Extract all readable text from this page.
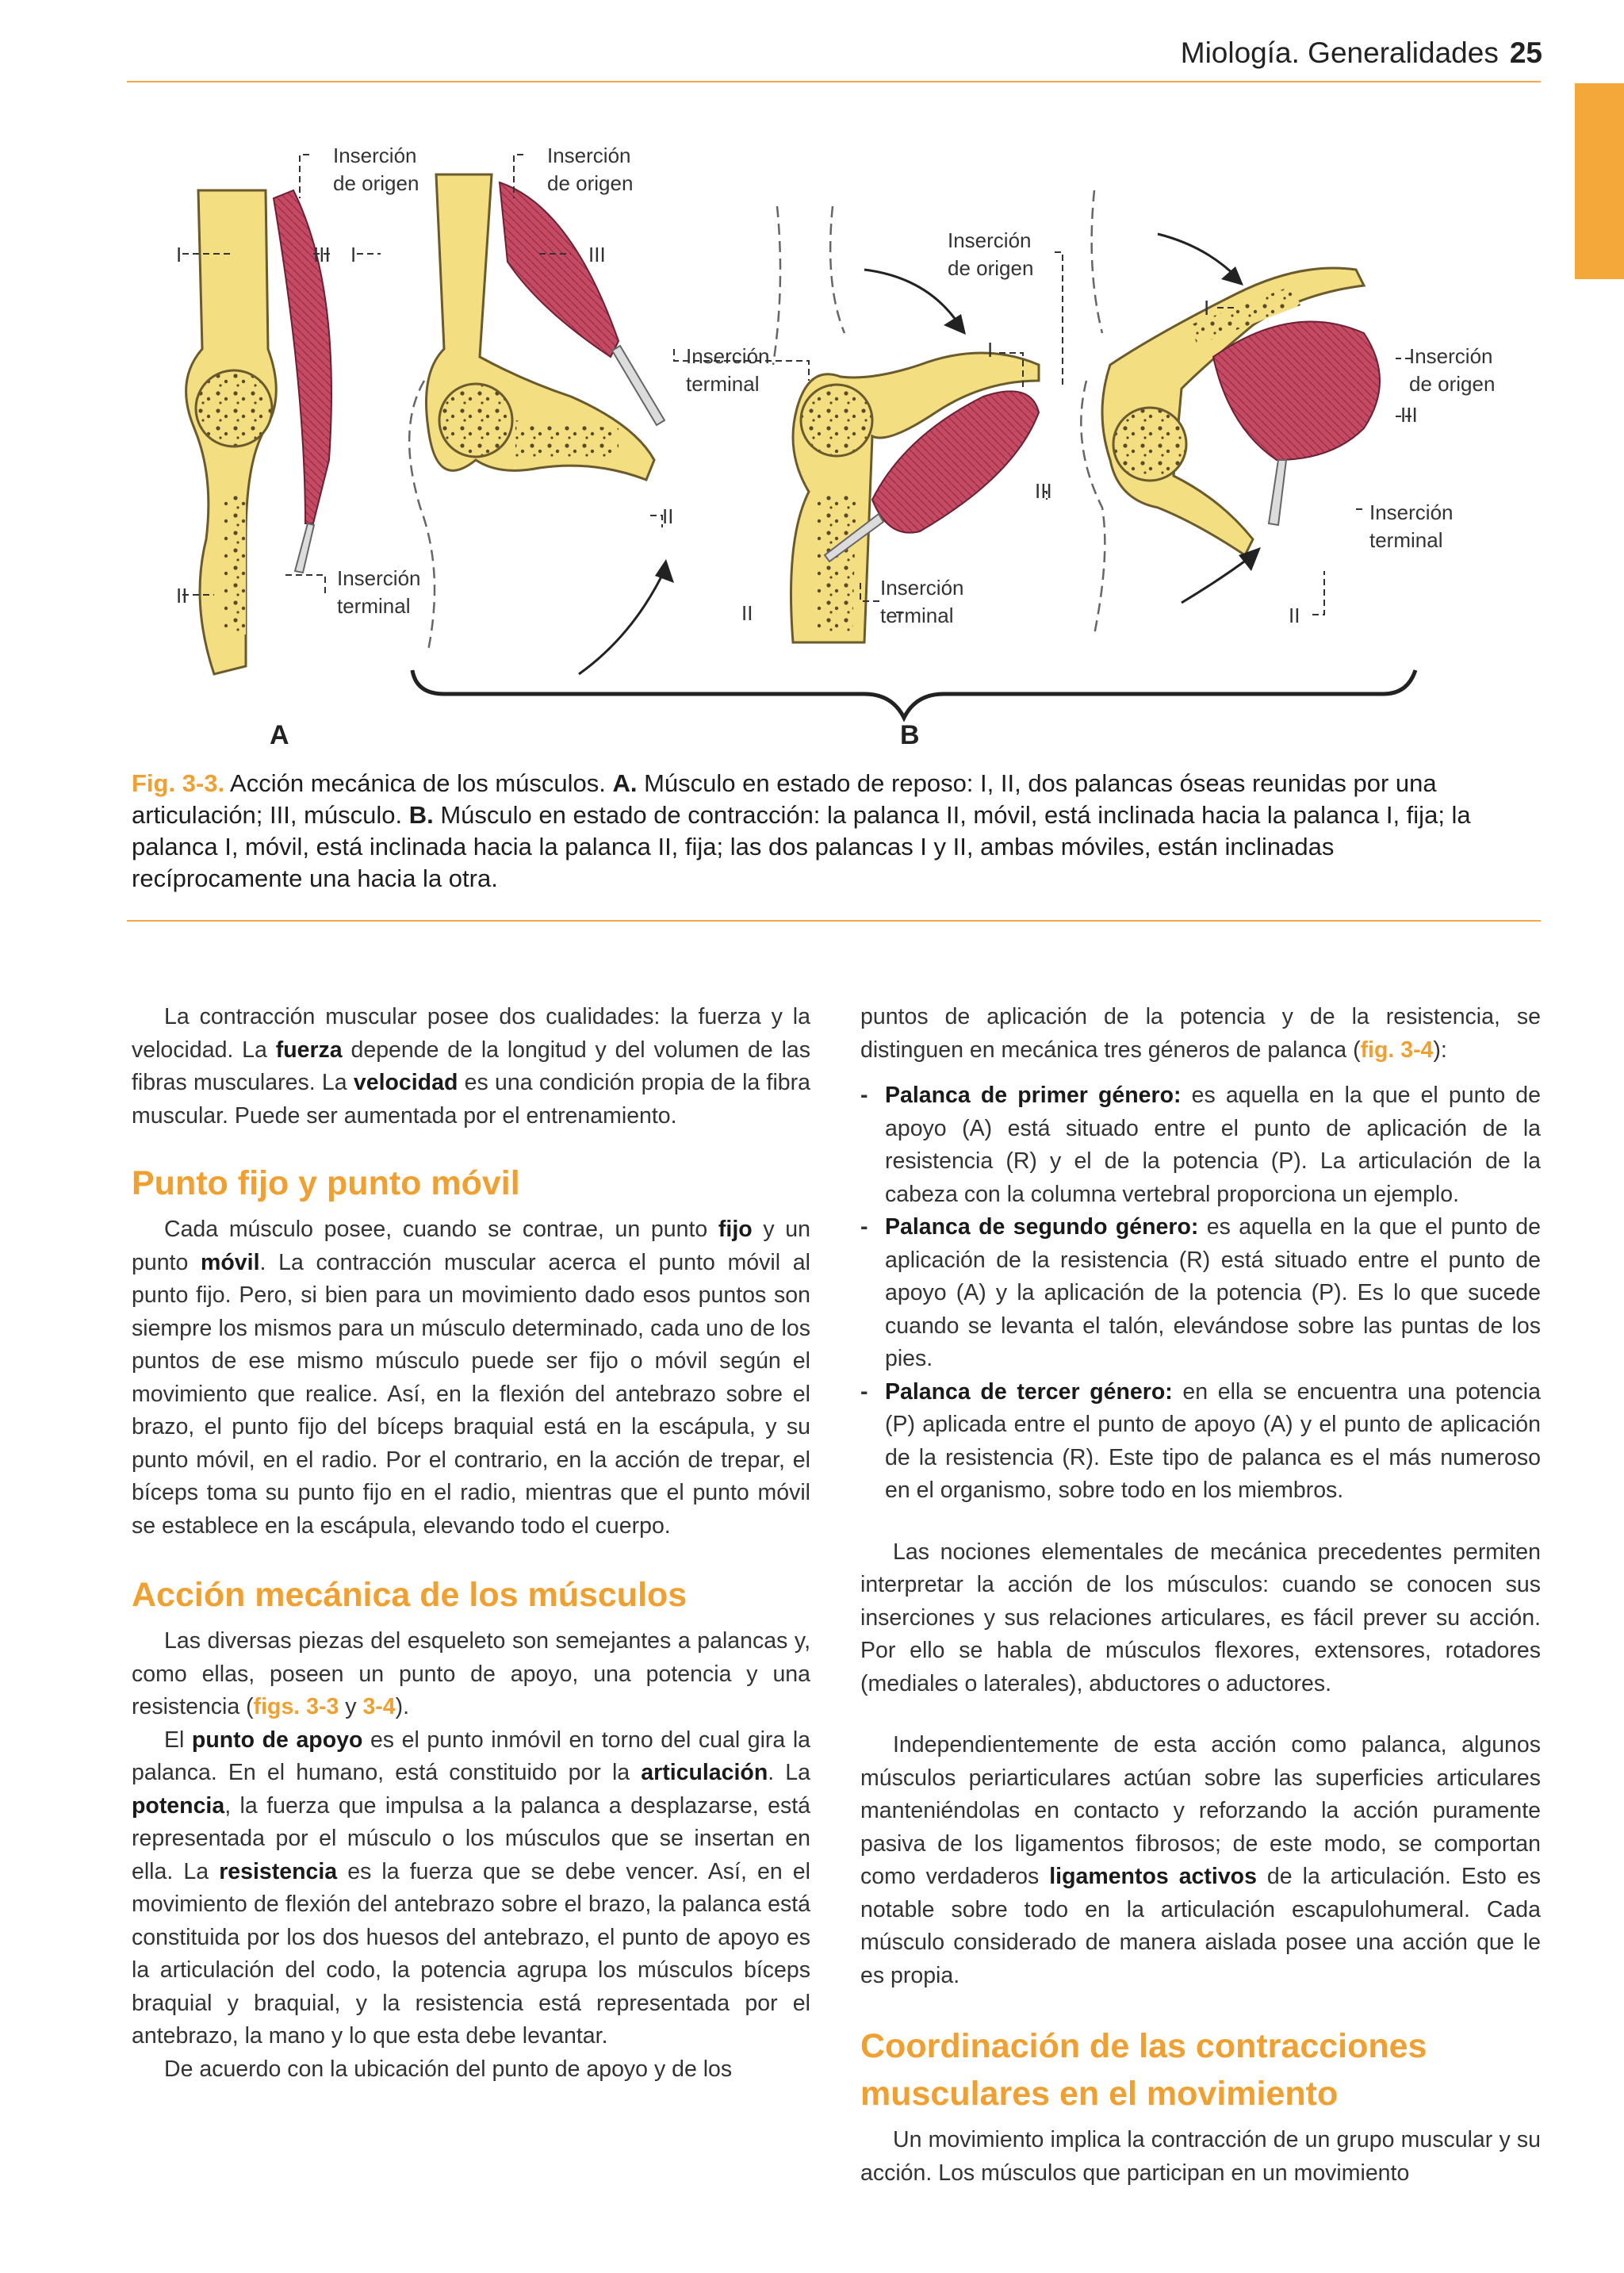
Miología. Generalidades 25
Inserción
de origen
Inserción
de origen
Inserción
de origen
Inserción
de origen
Inserción
terminal
Inserción
terminal
Inserción
terminal
Inserción
terminal
I	I
I
I
II
II
II	II
III	III
III
III
A	B
Fig. 3-3. Acción mecánica de los músculos. A. Músculo en estado de reposo: I, II, dos palancas óseas reunidas por una articulación; III, músculo. B. Músculo en estado de contracción: la palanca II, móvil, está inclinada hacia la palanca I, fija; la palanca I, móvil, está inclinada hacia la palanca II, fija; las dos palancas I y II, ambas móviles, están inclinadas recíprocamente una hacia la otra.

La contracción muscular posee dos cualidades: la fuerza y la velocidad. La fuerza depende de la longitud y del volumen de las fibras musculares. La velocidad es una condición propia de la fibra muscular. Puede ser aumentada por el entrenamiento.

Punto fijo y punto móvil

Cada músculo posee, cuando se contrae, un punto fijo y un punto móvil. La contracción muscular acerca el punto móvil al punto fijo. Pero, si bien para un movimiento dado esos puntos son siempre los mismos para un músculo determinado, cada uno de los puntos de ese mismo músculo puede ser fijo o móvil según el movimiento que realice. Así, en la flexión del antebrazo sobre el brazo, el punto fijo del bíceps braquial está en la escápula, y su punto móvil, en el radio. Por el contrario, en la acción de trepar, el bíceps toma su punto fijo en el radio, mientras que el punto móvil se establece en la escápula, elevando todo el cuerpo.

Acción mecánica de los músculos

Las diversas piezas del esqueleto son semejantes a palancas y, como ellas, poseen un punto de apoyo, una potencia y una resistencia (figs. 3-3 y 3-4).

El punto de apoyo es el punto inmóvil en torno del cual gira la palanca. En el humano, está constituido por la articulación. La potencia, la fuerza que impulsa a la palanca a desplazarse, está representada por el músculo o los músculos que se insertan en ella. La resistencia es la fuerza que se debe vencer. Así, en el movimiento de flexión del antebrazo sobre el brazo, la palanca está constituida por los dos huesos del antebrazo, el punto de apoyo es la articulación del codo, la potencia agrupa los músculos bíceps braquial y braquial, y la resistencia está representada por el antebrazo, la mano y lo que esta debe levantar.

De acuerdo con la ubicación del punto de apoyo y de los

puntos de aplicación de la potencia y de la resistencia, se distinguen en mecánica tres géneros de palanca (fig. 3-4):

- Palanca de primer género: es aquella en la que el punto de apoyo (A) está situado entre el punto de aplicación de la resistencia (R) y el de la potencia (P). La articulación de la cabeza con la columna vertebral proporciona un ejemplo.

- Palanca de segundo género: es aquella en la que el punto de aplicación de la resistencia (R) está situado entre el punto de apoyo (A) y la aplicación de la potencia (P). Es lo que sucede cuando se levanta el talón, elevándose sobre las puntas de los pies.

- Palanca de tercer género: en ella se encuentra una potencia (P) aplicada entre el punto de apoyo (A) y el punto de aplicación de la resistencia (R). Este tipo de palanca es el más numeroso en el organismo, sobre todo en los miembros.

Las nociones elementales de mecánica precedentes permiten interpretar la acción de los músculos: cuando se conocen sus inserciones y sus relaciones articulares, es fácil prever su acción. Por ello se habla de músculos flexores, extensores, rotadores (mediales o laterales), abductores o aductores.

Independientemente de esta acción como palanca, algunos músculos periarticulares actúan sobre las superficies articulares manteniéndolas en contacto y reforzando la acción puramente pasiva de los ligamentos fibrosos; de este modo, se comportan como verdaderos ligamentos activos de la articulación. Esto es notable sobre todo en la articulación escapulohumeral. Cada músculo considerado de manera aislada posee una acción que le es propia.

Coordinación de las contracciones musculares en el movimiento

Un movimiento implica la contracción de un grupo muscular y su acción. Los músculos que participan en un movimiento
